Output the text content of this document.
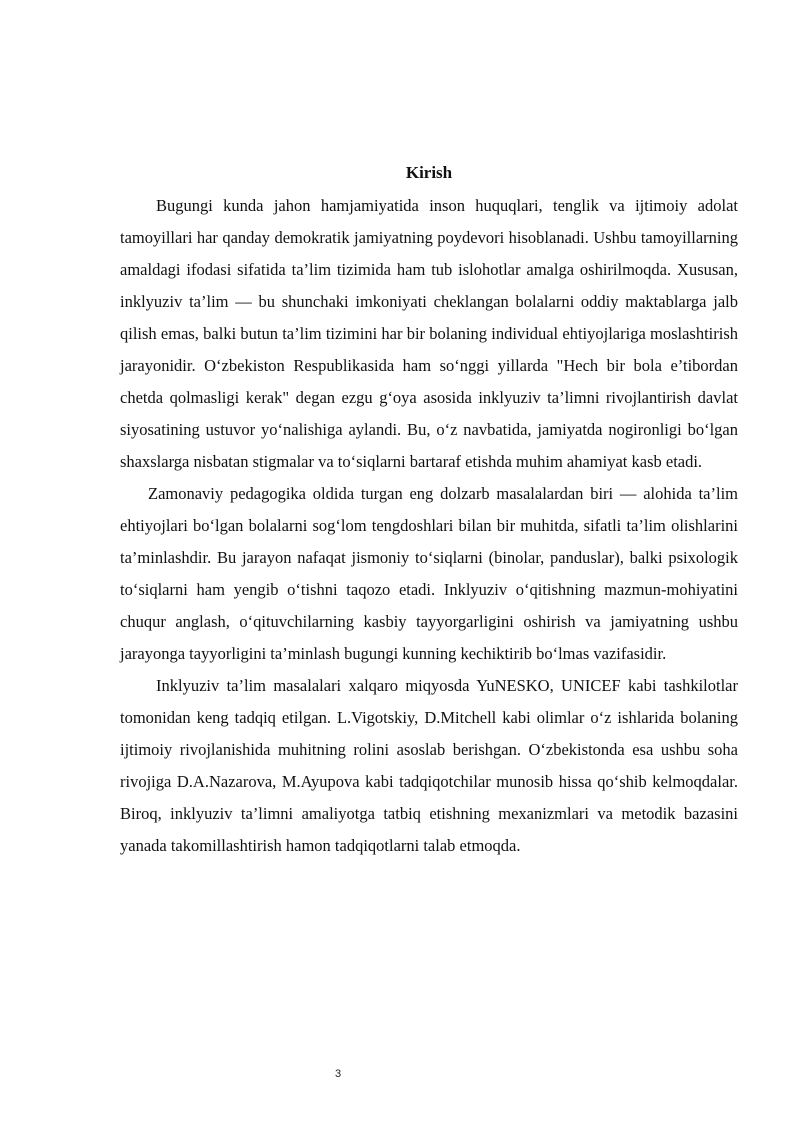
Kirish

Bugungi kunda jahon hamjamiyatida inson huquqlari, tenglik va ijtimoiy adolat tamoyillari har qanday demokratik jamiyatning poydevori hisoblanadi. Ushbu tamoyillarning amaldagi ifodasi sifatida ta’lim tizimida ham tub islohotlar amalga oshirilmoqda. Xususan, inklyuziv ta’lim — bu shunchaki imkoniyati cheklangan bolalarni oddiy maktablarga jalb qilish emas, balki butun ta’lim tizimini har bir bolaning individual ehtiyojlariga moslashtirish jarayonidir. O‘zbekiston Respublikasida ham so‘nggi yillarda "Hech bir bola e’tibordan chetda qolmasligi kerak" degan ezgu g‘oya asosida inklyuziv ta’limni rivojlantirish davlat siyosatining ustuvor yo‘nalishiga aylandi. Bu, o‘z navbatida, jamiyatda nogironligi bo‘lgan shaxslarga nisbatan stigmalar va to‘siqlarni bartaraf etishda muhim ahamiyat kasb etadi.

Zamonaviy pedagogika oldida turgan eng dolzarb masalalardan biri — alohida ta’lim ehtiyojlari bo‘lgan bolalarni sog‘lom tengdoshlari bilan bir muhitda, sifatli ta’lim olishlarini ta’minlashdir. Bu jarayon nafaqat jismoniy to‘siqlarni (binolar, panduslar), balki psixologik to‘siqlarni ham yengib o‘tishni taqozo etadi. Inklyuziv o‘qitishning mazmun-mohiyatini chuqur anglash, o‘qituvchilarning kasbiy tayyorgarligini oshirish va jamiyatning ushbu jarayonga tayyorligini ta’minlash bugungi kunning kechiktirib bo‘lmas vazifasidir.

Inklyuziv ta’lim masalalari xalqaro miqyosda YuNESKO, UNICEF kabi tashkilotlar tomonidan keng tadqiq etilgan. L.Vigotskiy, D.Mitchell kabi olimlar o‘z ishlarida bolaning ijtimoiy rivojlanishida muhitning rolini asoslab berishgan. O‘zbekistonda esa ushbu soha rivojiga D.A.Nazarova, M.Ayupova kabi tadqiqotchilar munosib hissa qo‘shib kelmoqdalar. Biroq, inklyuziv ta’limni amaliyotga tatbiq etishning mexanizmlari va metodik bazasini yanada takomillashtirish hamon tadqiqotlarni talab etmoqda.

3
